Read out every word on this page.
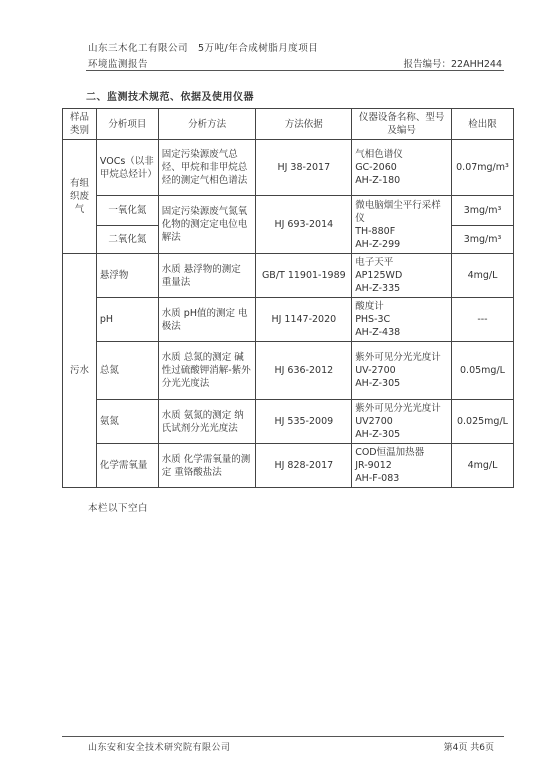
山东三木化工有限公司　5万吨/年合成树脂月度项目
环境监测报告	报告编号：22AHH244
二、监测技术规范、依据及使用仪器
样品类别	分析项目	分析方法	方法依据	仪器设备名称、型号及编号	检出限
有组织废气	VOCs（以非甲烷总烃计）	固定污染源废气总烃、甲烷和非甲烷总烃的测定气相色谱法	HJ 38-2017	气相色谱仪
GC-2060
AH-Z-180	0.07mg/m³
	一氧化氮	固定污染源废气氮氧化物的测定定电位电解法	HJ 693-2014	微电脑烟尘平行采样仪
TH-880F
AH-Z-299	3mg/m³
	二氧化氮				3mg/m³
污水	悬浮物	水质 悬浮物的测定 重量法	GB/T 11901-1989	电子天平
AP125WD
AH-Z-335	4mg/L
	pH	水质 pH值的测定 电极法	HJ 1147-2020	酸度计
PHS-3C
AH-Z-438	---
	总氮	水质 总氮的测定 碱性过硫酸钾消解-紫外分光光度法	HJ 636-2012	紫外可见分光光度计 UV-2700
AH-Z-305	0.05mg/L
	氨氮	水质 氨氮的测定 纳氏试剂分光光度法	HJ 535-2009	紫外可见分光光度计 UV2700
AH-Z-305	0.025mg/L
	化学需氧量	水质 化学需氧量的测定 重铬酸盐法	HJ 828-2017	COD恒温加热器
JR-9012
AH-F-083	4mg/L
本栏以下空白
山东安和安全技术研究院有限公司	第4页 共6页
